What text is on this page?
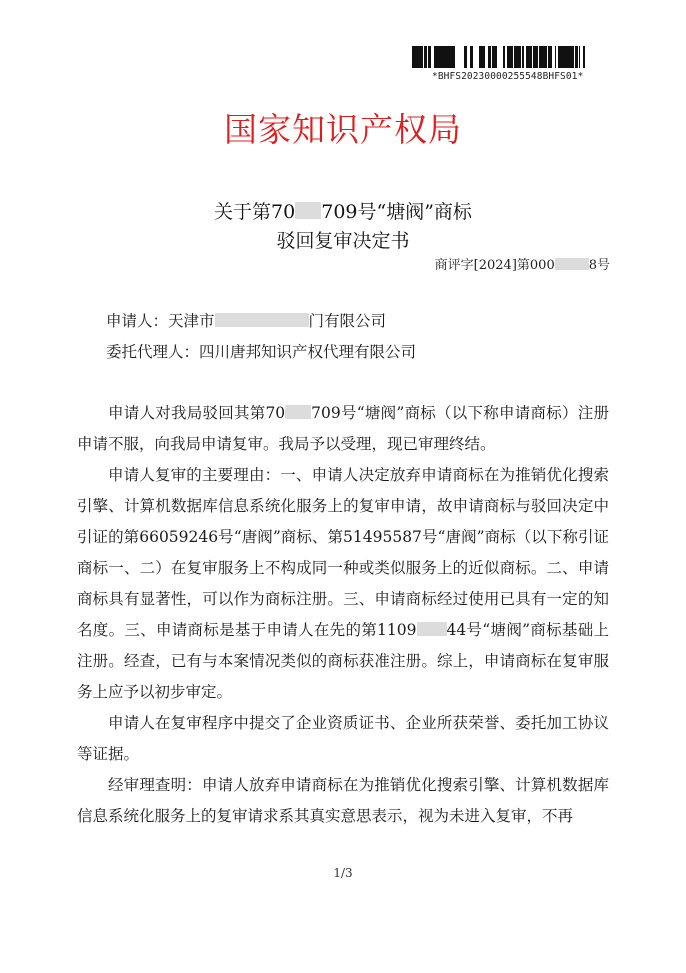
*BHFS20230000255548BHFS01*
国家知识产权局
关于第70 709号“塘阀”商标
驳回复审决定书
商评字[2024]第000	8号
申请人：天津市	门有限公司
委托代理人：四川唐邦知识产权代理有限公司

申请人对我局驳回其第70 709号“塘阀”商标（以下称申请商标）注册申请不服，向我局申请复审。我局予以受理，现已审理终结。

申请人复审的主要理由：一、申请人决定放弃申请商标在为推销优化搜索引擎、计算机数据库信息系统化服务上的复审申请，故申请商标与驳回决定中引证的第66059246号“唐阀”商标、第51495587号“唐阀”商标（以下称引证商标一、二）在复审服务上不构成同一种或类似服务上的近似商标。二、申请商标具有显著性，可以作为商标注册。三、申请商标经过使用已具有一定的知名度。三、申请商标是基于申请人在先的第1109 44号“塘阀”商标基础上注册。经查，已有与本案情况类似的商标获准注册。综上，申请商标在复审服务上应予以初步审定。

申请人在复审程序中提交了企业资质证书、企业所获荣誉、委托加工协议等证据。

经审理查明：申请人放弃申请商标在为推销优化搜索引擎、计算机数据库信息系统化服务上的复审请求系其真实意思表示，视为未进入复审，不再

1/3
